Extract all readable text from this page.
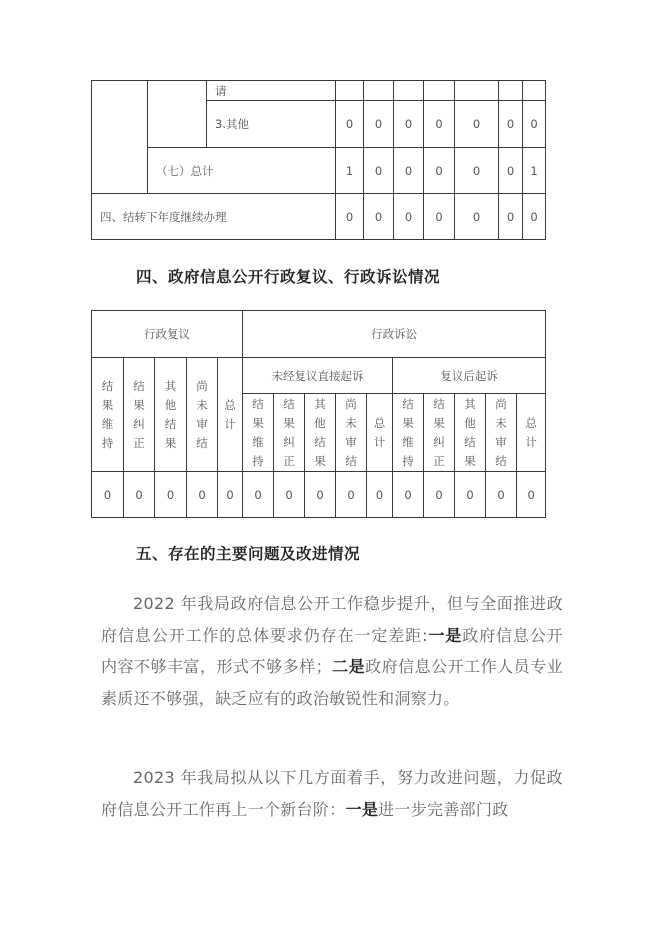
		请							
		3.其他	0	0	0	0	0	0	0
	（七）总计		1	0	0	0	0	0	1
四、结转下年度继续办理			0	0	0	0	0	0	0
四、政府信息公开行政复议、行政诉讼情况
行政复议					行政诉讼									

结果维持	结果纠正	其他结果	尚未审结	总计	未经复议直接起诉					复议后起诉				

					结果维持	结果纠正	其他结果	尚未审结	总计	结果维持	结果纠正	其他结果	尚未审结	总计

0	0	0	0	0	0	0	0	0	0	0	0	0	0	0
五、存在的主要问题及改进情况

2022 年我局政府信息公开工作稳步提升，但与全面推进政府信息公开工作的总体要求仍存在一定差距:一是政府信息公开内容不够丰富，形式不够多样；二是政府信息公开工作人员专业素质还不够强，缺乏应有的政治敏锐性和洞察力。

2023 年我局拟从以下几方面着手，努力改进问题，力促政府信息公开工作再上一个新台阶：一是进一步完善部门政
